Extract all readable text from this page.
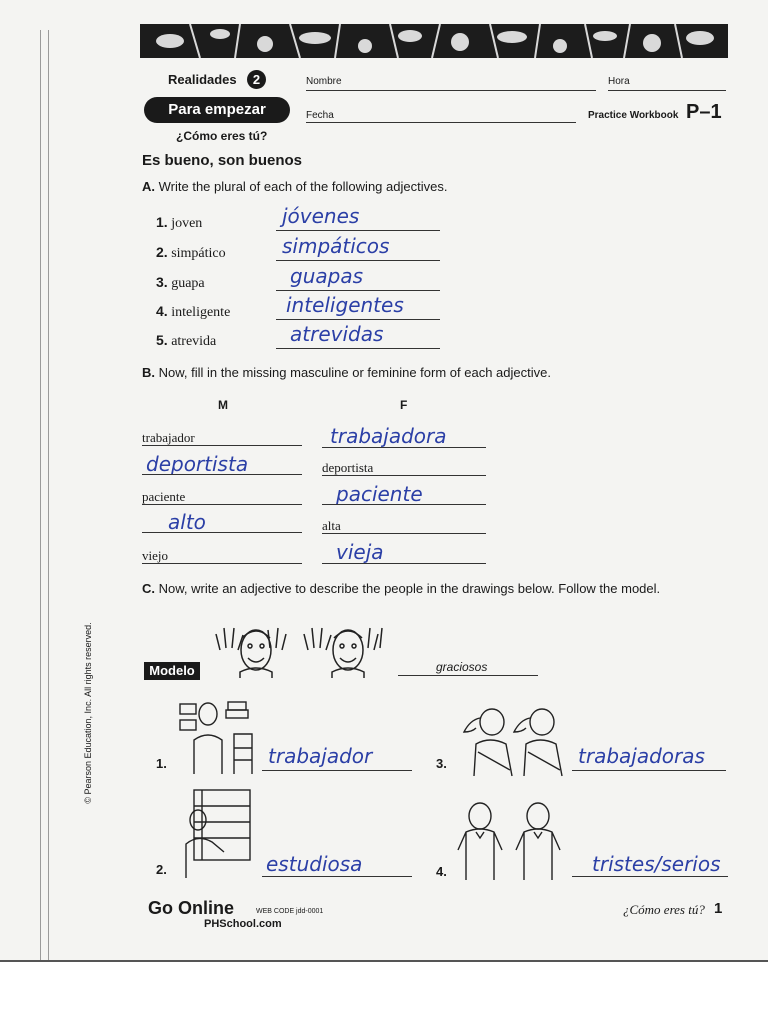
Realidades	2	Nombre	Hora
Para empezar	Fecha	Practice Workbook P–1
¿Cómo eres tú?
Es bueno, son buenos
A. Write the plural of each of the following adjectives.
1. joven	jóvenes
2. simpático	simpáticos
3. guapa	guapas
4. inteligente	inteligentes
5. atrevida	atrevidas
B. Now, fill in the missing masculine or feminine form of each adjective.
M	F
trabajador	trabajadora
deportista	deportista
paciente	paciente
alto	alta
viejo	vieja
C. Now, write an adjective to describe the people in the drawings below. Follow the model.
© Pearson Education, Inc. All rights reserved.	Modelo	graciosos
1.	trabajador
2.	estudiosa
3.	trabajadoras
4.	tristes/serios
Go Online	WEB CODE jdd-0001
PHSchool.com
¿Cómo eres tú? 1
